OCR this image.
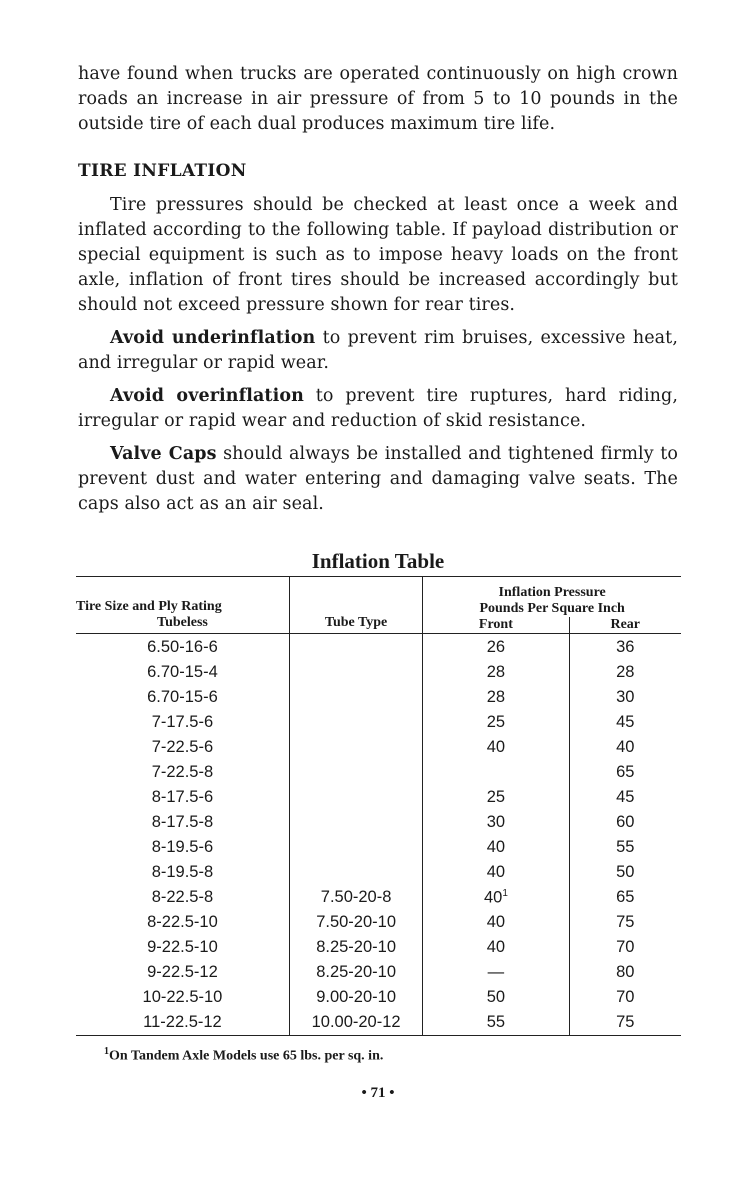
have found when trucks are operated continuously on high crown roads an increase in air pressure of from 5 to 10 pounds in the outside tire of each dual produces maximum tire life.

TIRE INFLATION

Tire pressures should be checked at least once a week and inflated according to the following table. If payload distribution or special equipment is such as to impose heavy loads on the front axle, inflation of front tires should be increased accordingly but should not exceed pressure shown for rear tires.

Avoid underinflation to prevent rim bruises, excessive heat, and irregular or rapid wear.

Avoid overinflation to prevent tire ruptures, hard riding, irregular or rapid wear and reduction of skid resistance.

Valve Caps should always be installed and tightened firmly to prevent dust and water entering and damaging valve seats. The caps also act as an air seal.

Inflation Table
Tire Size and Ply Rating
Tubeless	Tube Type	Inflation Pressure
Pounds Per Square Inch	

		Front	Rear
6.50-16-6		26	36
6.70-15-4		28	28
6.70-15-6		28	30
7-17.5-6		25	45
7-22.5-6		40	40
7-22.5-8			65
8-17.5-6		25	45
8-17.5-8		30	60
8-19.5-6		40	55
8-19.5-8		40	50
8-22.5-8	7.50-20-8	$40^1$	65
8-22.5-10	7.50-20-10	40	75
9-22.5-10	8.25-20-10	40	70
9-22.5-12	8.25-20-10	—	80
10-22.5-10	9.00-20-10	50	70
11-22.5-12	10.00-20-12	55	75
$^1$On Tandem Axle Models use 65 lbs. per sq. in.
• 71 •
